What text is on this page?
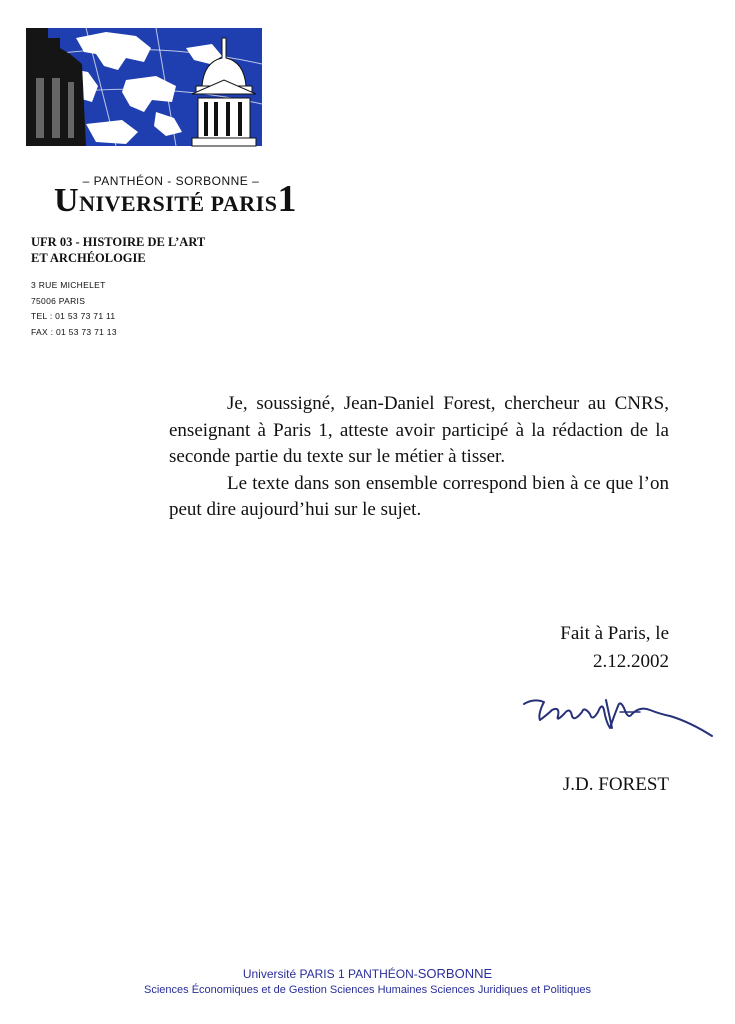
– PANTHÉON - SORBONNE –
UNIVERSITÉ PARIS1
UFR 03 - HISTOIRE DE L’ART
ET ARCHÉOLOGIE
3 RUE MICHELET
75006 PARIS
TEL : 01 53 73 71 11
FAX : 01 53 73 71 13

Je, soussigné, Jean-Daniel Forest, chercheur au CNRS, enseignant à Paris 1, atteste avoir participé à la rédaction de la seconde partie du texte sur le métier à tisser.

Le texte dans son ensemble correspond bien à ce que l’on peut dire aujourd’hui sur le sujet.

Fait à Paris, le
2.12.2002
J.D. FOREST
Université PARIS 1 PANTHÉON-SORBONNE
Sciences Économiques et de Gestion Sciences Humaines Sciences Juridiques et Politiques
